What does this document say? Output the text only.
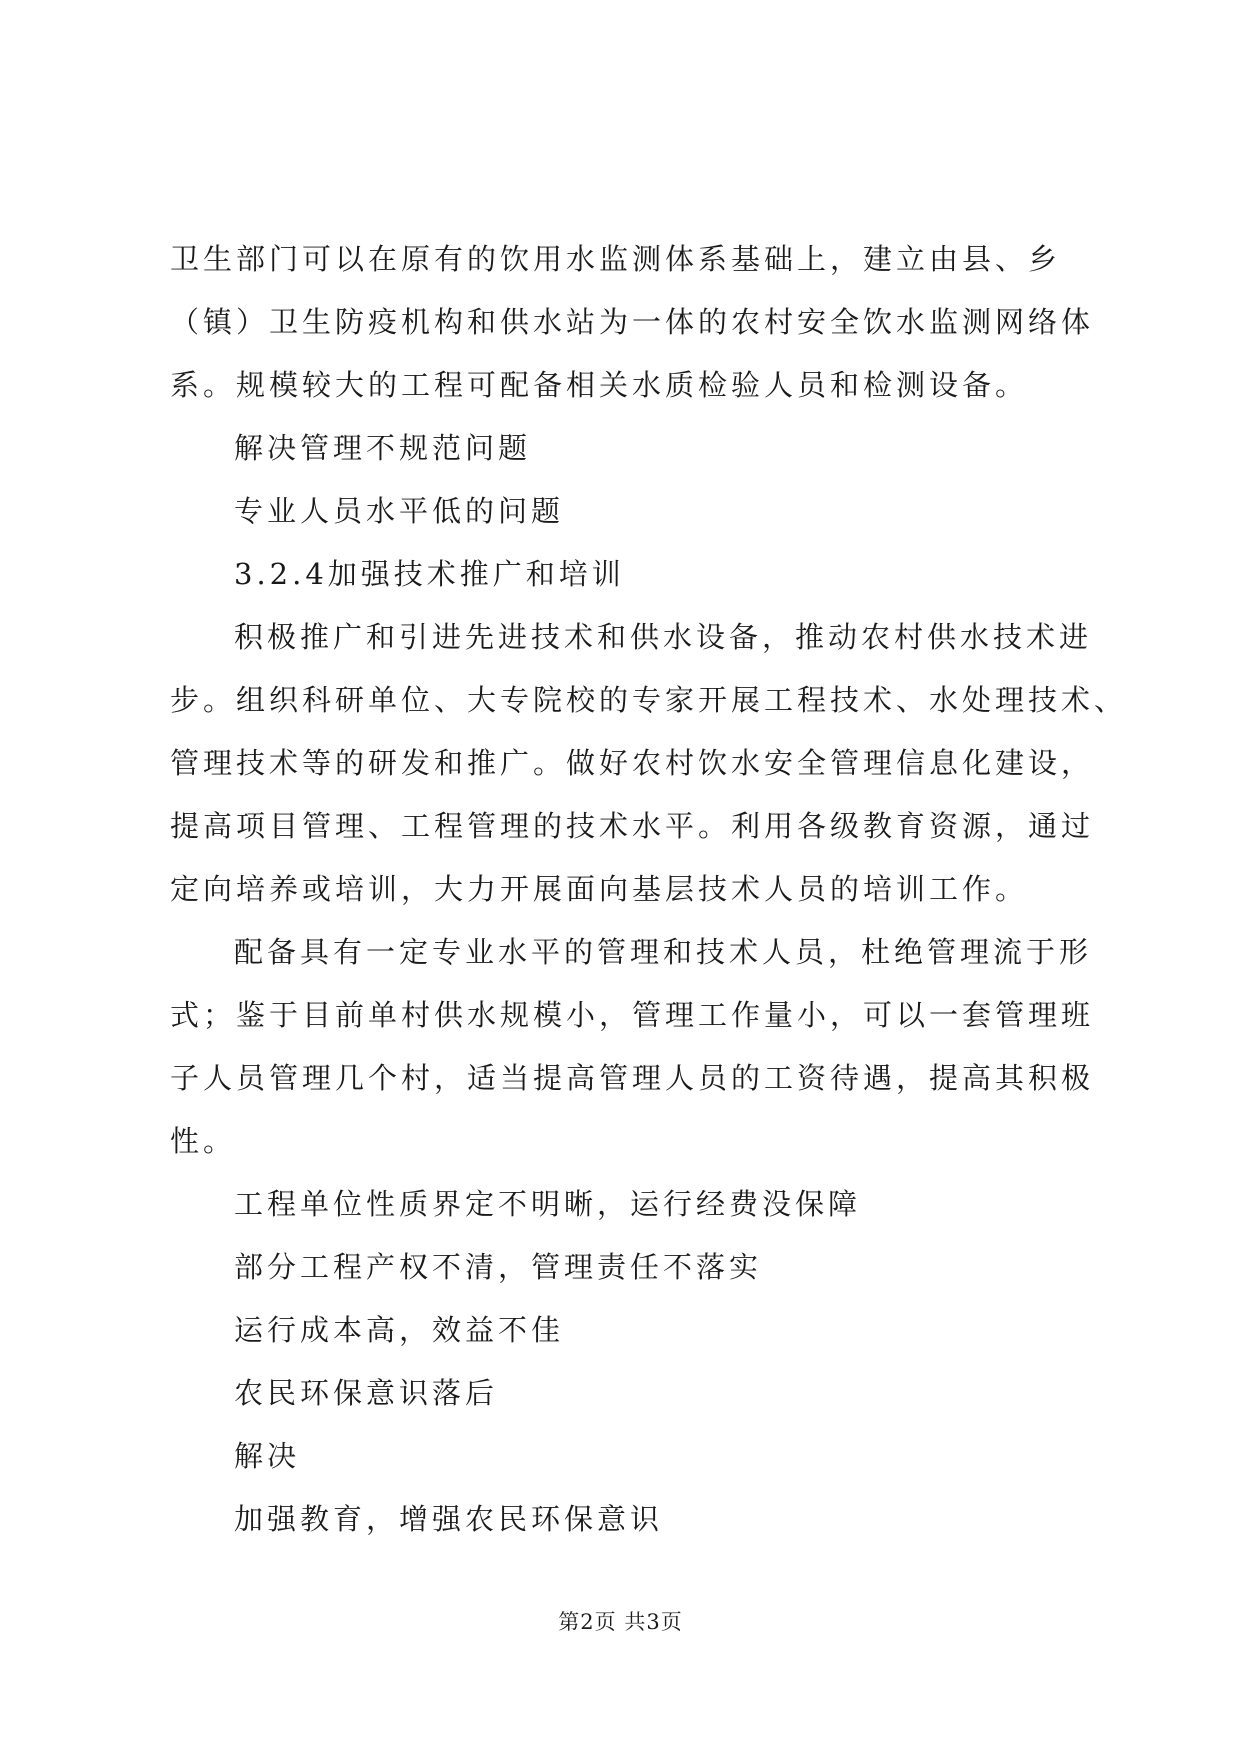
卫生部门可以在原有的饮用水监测体系基础上，建立由县、乡
（镇）卫生防疫机构和供水站为一体的农村安全饮水监测网络体
系。规模较大的工程可配备相关水质检验人员和检测设备。
解决管理不规范问题
专业人员水平低的问题
3.2.4加强技术推广和培训
积极推广和引进先进技术和供水设备，推动农村供水技术进
步。组织科研单位、大专院校的专家开展工程技术、水处理技术、
管理技术等的研发和推广。做好农村饮水安全管理信息化建设，
提高项目管理、工程管理的技术水平。利用各级教育资源，通过
定向培养或培训，大力开展面向基层技术人员的培训工作。
配备具有一定专业水平的管理和技术人员，杜绝管理流于形
式；鉴于目前单村供水规模小，管理工作量小，可以一套管理班
子人员管理几个村，适当提高管理人员的工资待遇，提高其积极
性。
工程单位性质界定不明晰，运行经费没保障
部分工程产权不清，管理责任不落实
运行成本高，效益不佳
农民环保意识落后
解决
加强教育，增强农民环保意识
第2页 共3页
